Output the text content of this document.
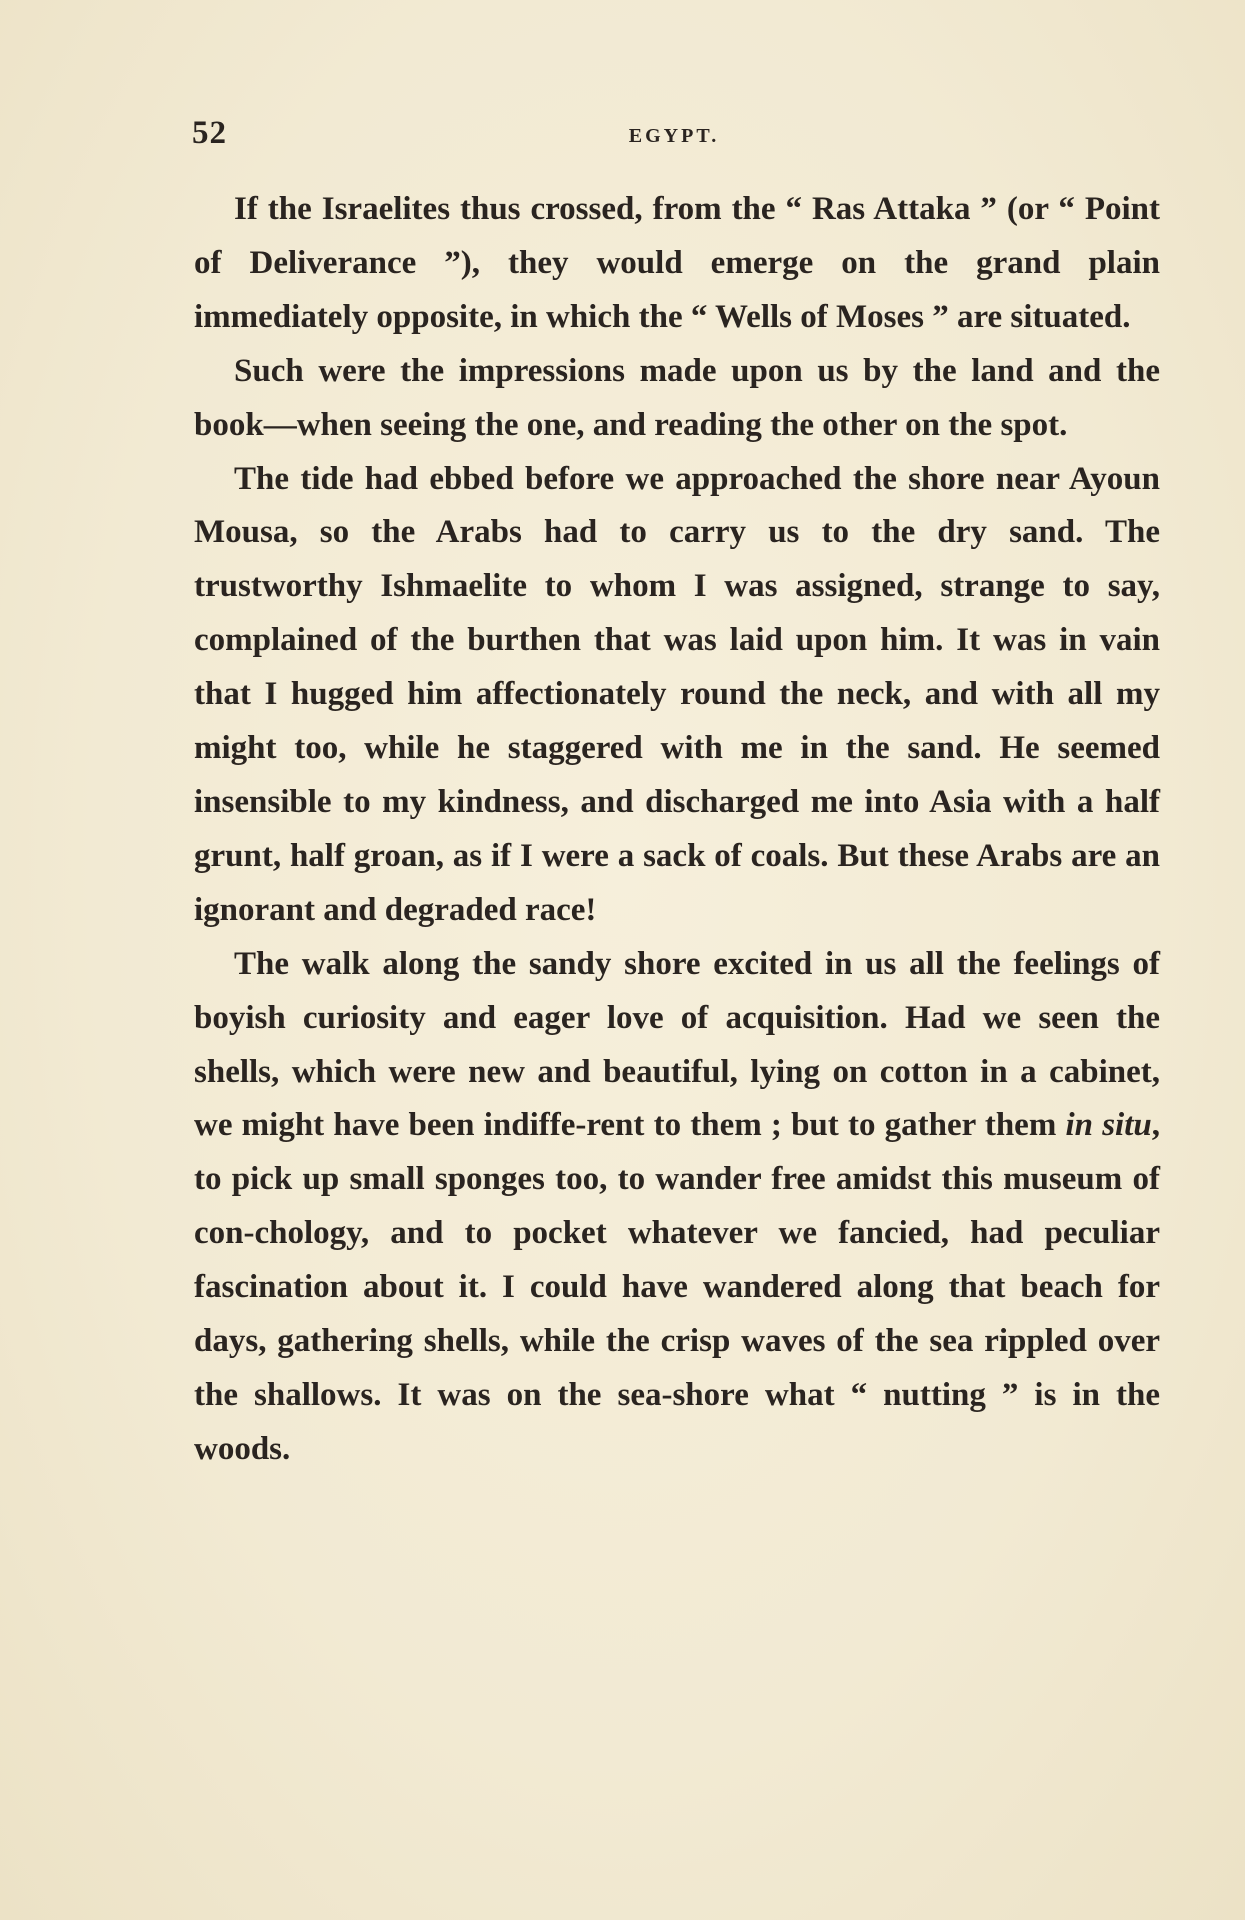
52	EGYPT.

If the Israelites thus crossed, from the “ Ras Attaka ” (or “ Point of Deliverance ”), they would emerge on the grand plain immediately opposite, in which the “ Wells of Moses ” are situated.

Such were the impressions made upon us by the land and the book—when seeing the one, and reading the other on the spot.

The tide had ebbed before we approached the shore near Ayoun Mousa, so the Arabs had to carry us to the dry sand. The trustworthy Ishmaelite to whom I was assigned, strange to say, complained of the burthen that was laid upon him. It was in vain that I hugged him affectionately round the neck, and with all my might too, while he staggered with me in the sand. He seemed insensible to my kindness, and discharged me into Asia with a half grunt, half groan, as if I were a sack of coals. But these Arabs are an ignorant and degraded race!

The walk along the sandy shore excited in us all the feelings of boyish curiosity and eager love of acquisition. Had we seen the shells, which were new and beautiful, lying on cotton in a cabinet, we might have been indiffe-rent to them ; but to gather them in situ, to pick up small sponges too, to wander free amidst this museum of con-chology, and to pocket whatever we fancied, had peculiar fascination about it. I could have wandered along that beach for days, gathering shells, while the crisp waves of the sea rippled over the shallows. It was on the sea-shore what “ nutting ” is in the woods.
